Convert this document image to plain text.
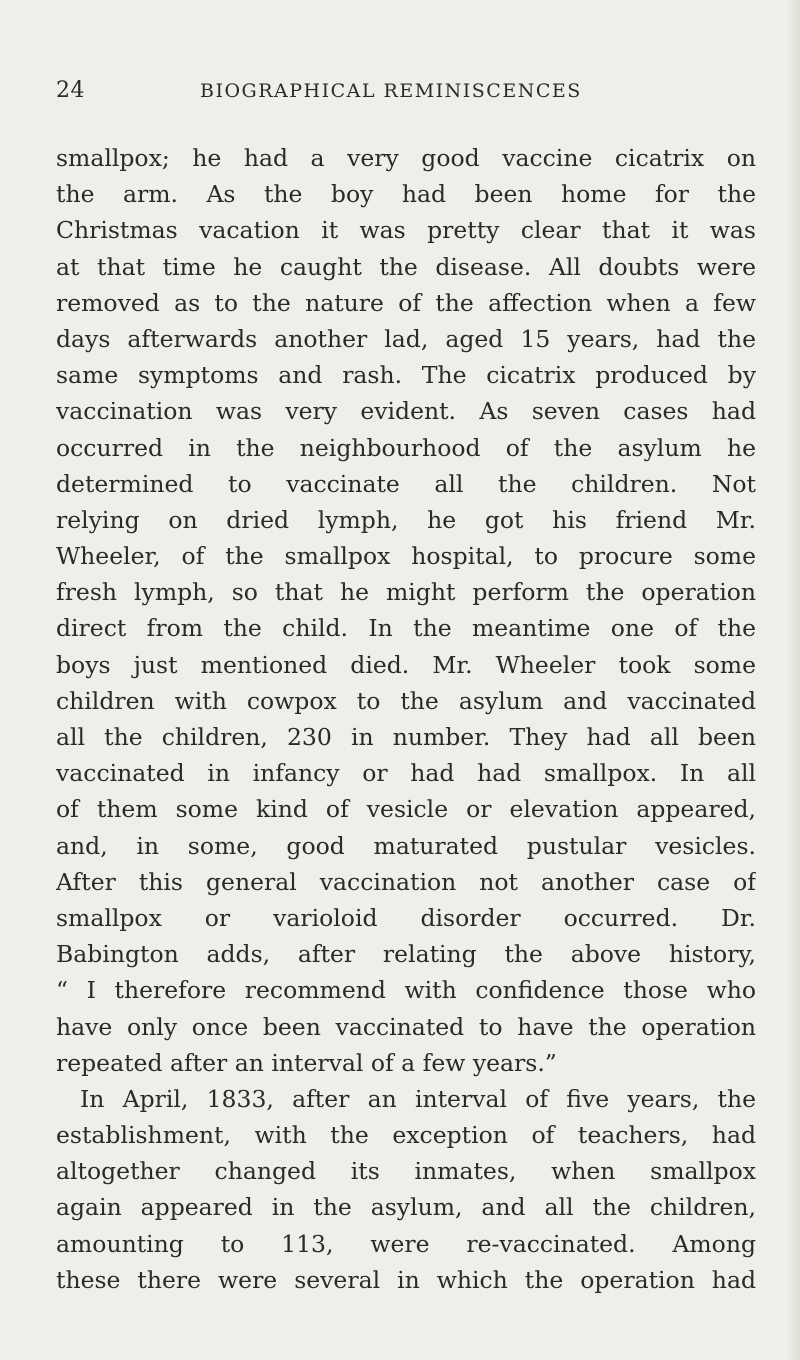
24	BIOGRAPHICAL REMINISCENCES
smallpox; he had a very good vaccine cicatrix on
the arm. As the boy had been home for the
Christmas vacation it was pretty clear that it was
at that time he caught the disease. All doubts were
removed as to the nature of the affection when a few
days afterwards another lad, aged 15 years, had the
same symptoms and rash. The cicatrix produced by
vaccination was very evident. As seven cases had
occurred in the neighbourhood of the asylum he
determined to vaccinate all the children. Not
relying on dried lymph, he got his friend Mr.
Wheeler, of the smallpox hospital, to procure some
fresh lymph, so that he might perform the operation
direct from the child. In the meantime one of the
boys just mentioned died. Mr. Wheeler took some
children with cowpox to the asylum and vaccinated
all the children, 230 in number. They had all been
vaccinated in infancy or had had smallpox. In all
of them some kind of vesicle or elevation appeared,
and, in some, good maturated pustular vesicles.
After this general vaccination not another case of
smallpox or varioloid disorder occurred. Dr.
Babington adds, after relating the above history,
“ I therefore recommend with confidence those who
have only once been vaccinated to have the operation
repeated after an interval of a few years.”
In April, 1833, after an interval of five years, the
establishment, with the exception of teachers, had
altogether changed its inmates, when smallpox
again appeared in the asylum, and all the children,
amounting to 113, were re-vaccinated. Among
these there were several in which the operation had
